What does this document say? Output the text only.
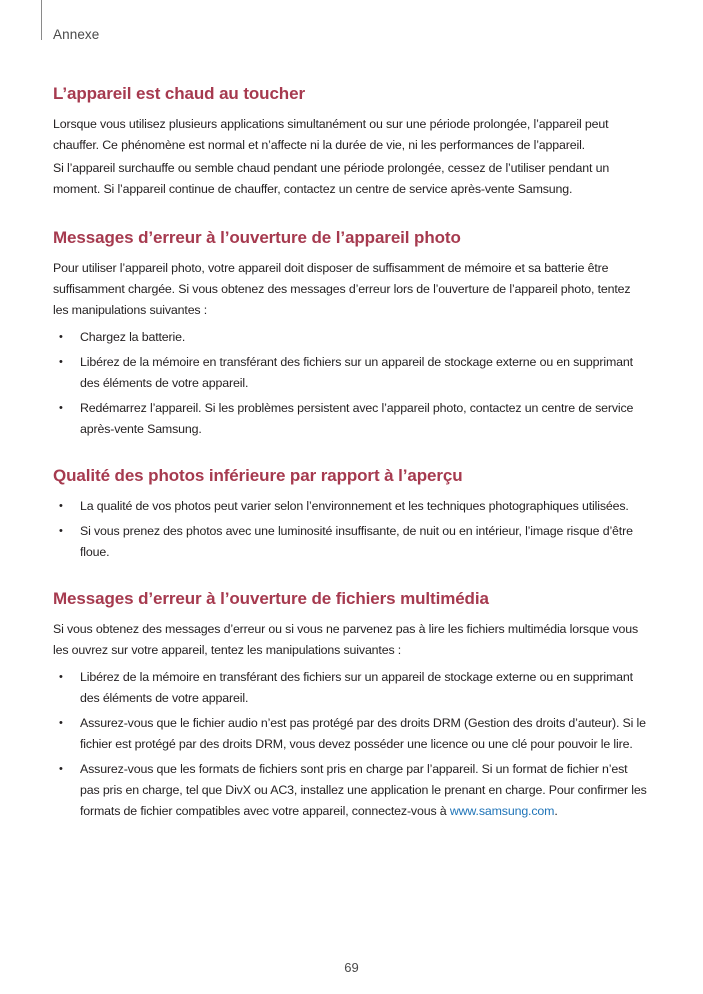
Annexe
L’appareil est chaud au toucher

Lorsque vous utilisez plusieurs applications simultanément ou sur une période prolongée, l’appareil peut chauffer. Ce phénomène est normal et n’affecte ni la durée de vie, ni les performances de l’appareil.

Si l’appareil surchauffe ou semble chaud pendant une période prolongée, cessez de l’utiliser pendant un moment. Si l’appareil continue de chauffer, contactez un centre de service après-vente Samsung.

Messages d’erreur à l’ouverture de l’appareil photo

Pour utiliser l’appareil photo, votre appareil doit disposer de suffisamment de mémoire et sa batterie être suffisamment chargée. Si vous obtenez des messages d’erreur lors de l’ouverture de l’appareil photo, tentez les manipulations suivantes :

• Chargez la batterie.
• Libérez de la mémoire en transférant des fichiers sur un appareil de stockage externe ou en supprimant des éléments de votre appareil.
• Redémarrez l’appareil. Si les problèmes persistent avec l’appareil photo, contactez un centre de service après-vente Samsung.
Qualité des photos inférieure par rapport à l’aperçu
• La qualité de vos photos peut varier selon l’environnement et les techniques photographiques utilisées.
• Si vous prenez des photos avec une luminosité insuffisante, de nuit ou en intérieur, l’image risque d’être floue.
Messages d’erreur à l’ouverture de fichiers multimédia

Si vous obtenez des messages d’erreur ou si vous ne parvenez pas à lire les fichiers multimédia lorsque vous les ouvrez sur votre appareil, tentez les manipulations suivantes :

• Libérez de la mémoire en transférant des fichiers sur un appareil de stockage externe ou en supprimant des éléments de votre appareil.
• Assurez-vous que le fichier audio n’est pas protégé par des droits DRM (Gestion des droits d’auteur). Si le fichier est protégé par des droits DRM, vous devez posséder une licence ou une clé pour pouvoir le lire.
• Assurez-vous que les formats de fichiers sont pris en charge par l’appareil. Si un format de fichier n’est pas pris en charge, tel que DivX ou AC3, installez une application le prenant en charge. Pour confirmer les formats de fichier compatibles avec votre appareil, connectez-vous à www.samsung.com.
69
